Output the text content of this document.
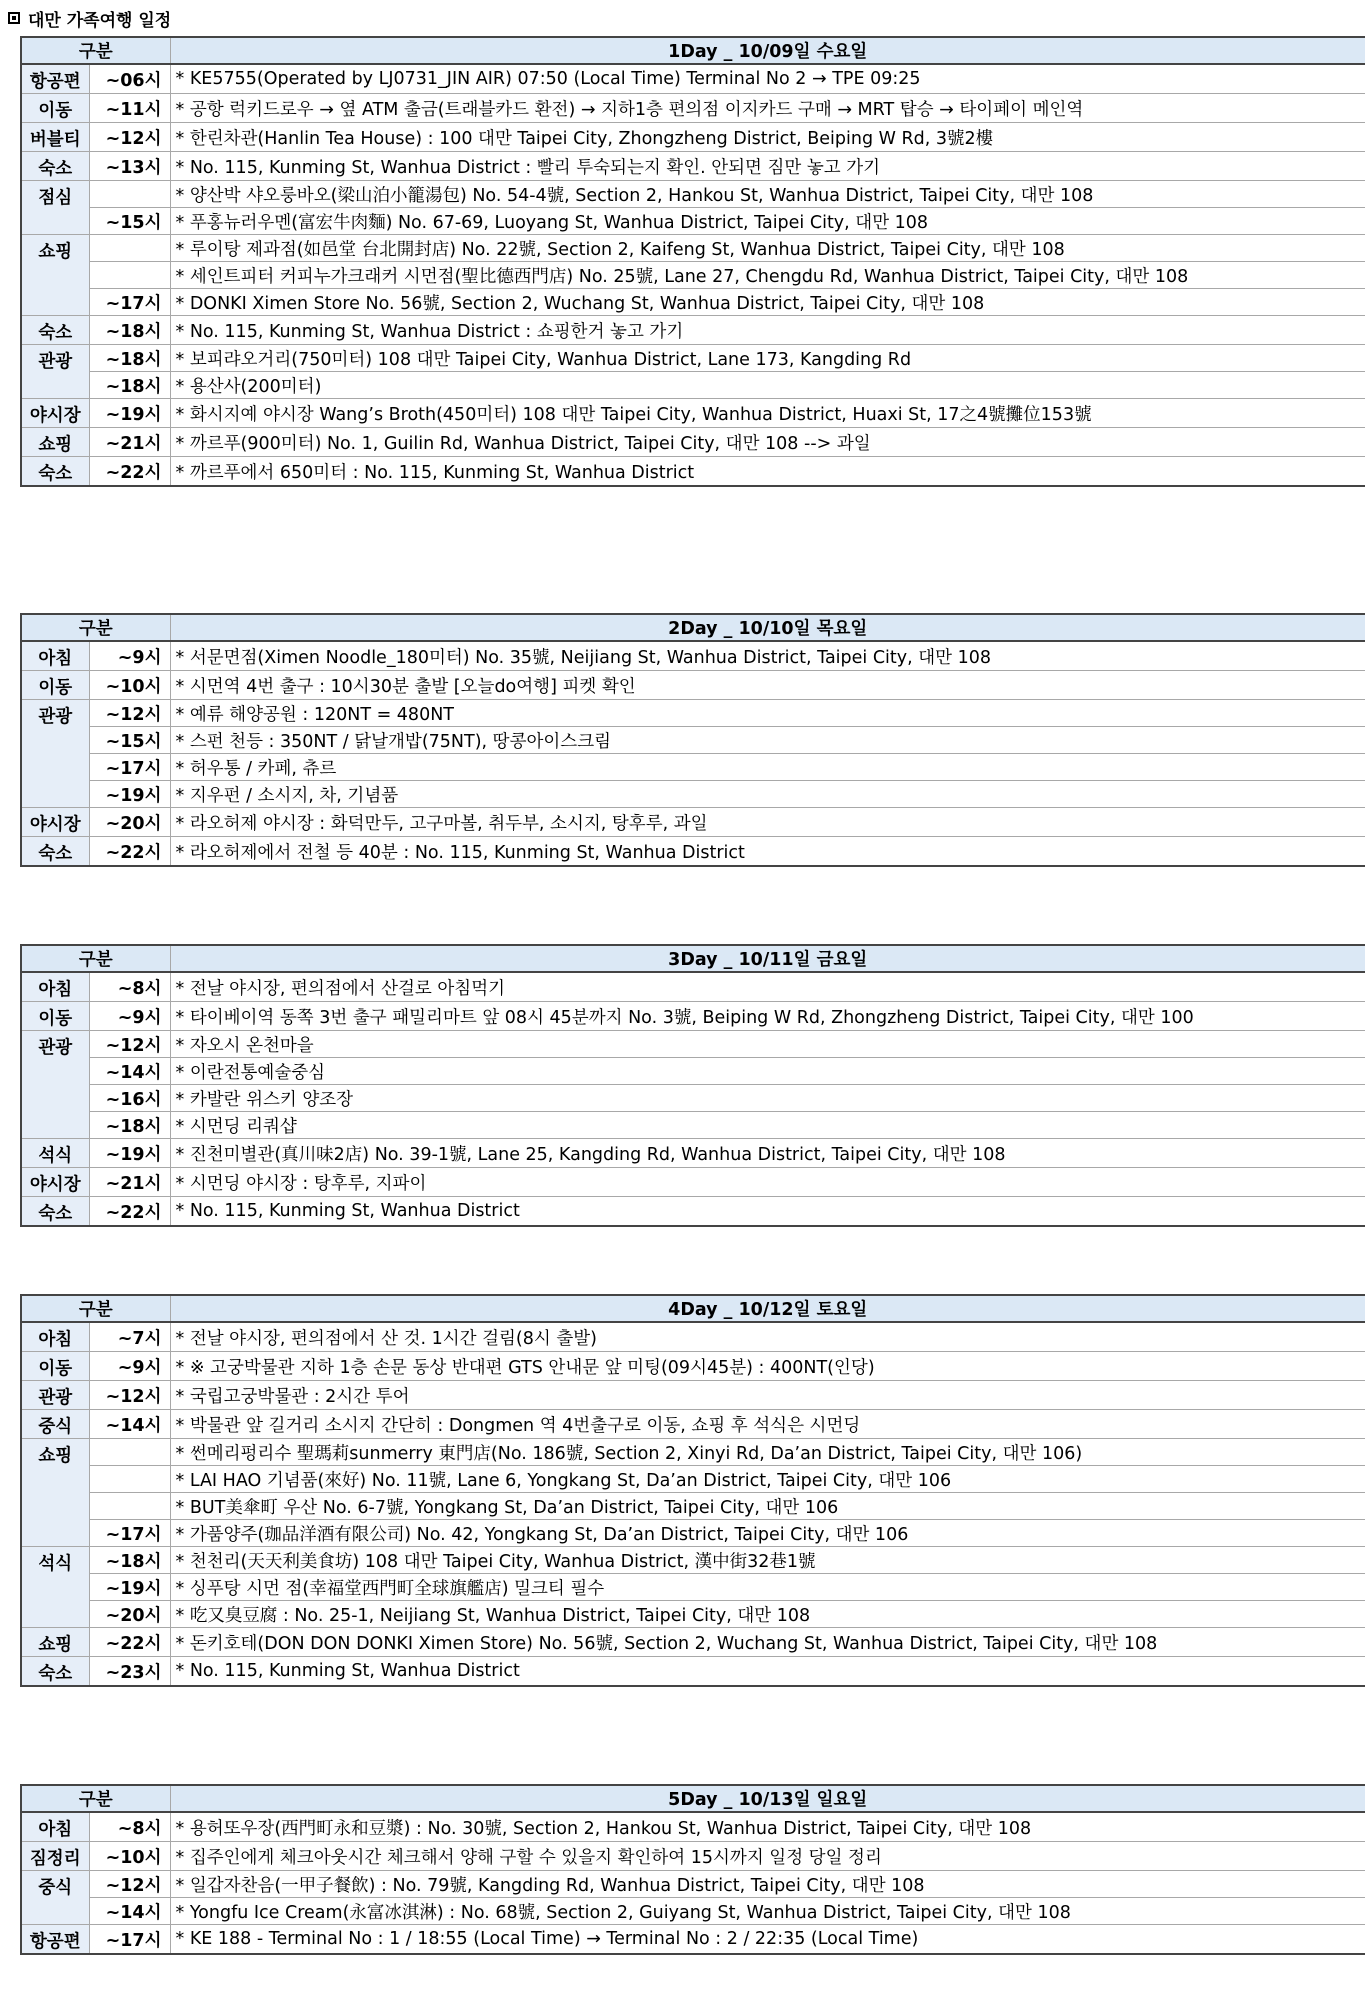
대만 가족여행 일정
구분		1Day _ 10/09일 수요일
항공편	~06시	* KE5755(Operated by LJ0731_JIN AIR) 07:50 (Local Time) Terminal No 2 → TPE 09:25
이동	~11시	* 공항 럭키드로우 → 옆 ATM 출금(트래블카드 환전) → 지하1층 편의점 이지카드 구매 → MRT 탑승 → 타이페이 메인역
버블티	~12시	* 한린차관(Hanlin Tea House) : 100 대만 Taipei City, Zhongzheng District, Beiping W Rd, 3號2樓
숙소	~13시	* No. 115, Kunming St, Wanhua District : 빨리 투숙되는지 확인. 안되면 짐만 놓고 가기
점심		* 양산박 샤오룽바오(梁山泊小籠湯包) No. 54-4號, Section 2, Hankou St, Wanhua District, Taipei City, 대만 108
	~15시	* 푸홍뉴러우멘(富宏牛肉麵) No. 67-69, Luoyang St, Wanhua District, Taipei City, 대만 108
쇼핑		* 루이탕 제과점(如邑堂 台北開封店) No. 22號, Section 2, Kaifeng St, Wanhua District, Taipei City, 대만 108
		* 세인트피터 커피누가크래커 시먼점(聖比德西門店) No. 25號, Lane 27, Chengdu Rd, Wanhua District, Taipei City, 대만 108
	~17시	* DONKI Ximen Store No. 56號, Section 2, Wuchang St, Wanhua District, Taipei City, 대만 108
숙소	~18시	* No. 115, Kunming St, Wanhua District : 쇼핑한거 놓고 가기
관광	~18시	* 보피랴오거리(750미터) 108 대만 Taipei City, Wanhua District, Lane 173, Kangding Rd
	~18시	* 용산사(200미터)
야시장	~19시	* 화시지예 야시장 Wang’s Broth(450미터) 108 대만 Taipei City, Wanhua District, Huaxi St, 17之4號攤位153號
쇼핑	~21시	* 까르푸(900미터) No. 1, Guilin Rd, Wanhua District, Taipei City, 대만 108 --> 과일
숙소	~22시	* 까르푸에서 650미터 : No. 115, Kunming St, Wanhua District
구분		2Day _ 10/10일 목요일
아침	~9시	* 서문면점(Ximen Noodle_180미터) No. 35號, Neijiang St, Wanhua District, Taipei City, 대만 108
이동	~10시	* 시먼역 4번 출구 : 10시30분 출발 [오늘do여행] 피켓 확인
관광	~12시	* 예류 해양공원 : 120NT = 480NT
	~15시	* 스펀 천등 : 350NT / 닭날개밥(75NT), 땅콩아이스크림
	~17시	* 허우통 / 카페, 츄르
	~19시	* 지우펀 / 소시지, 차, 기념품
야시장	~20시	* 라오허제 야시장 : 화덕만두, 고구마볼, 취두부, 소시지, 탕후루, 과일
숙소	~22시	* 라오허제에서 전철 등 40분 : No. 115, Kunming St, Wanhua District
구분		3Day _ 10/11일 금요일
아침	~8시	* 전날 야시장, 편의점에서 산걸로 아침먹기
이동	~9시	* 타이베이역 동쪽 3번 출구 패밀리마트 앞 08시 45분까지 No. 3號, Beiping W Rd, Zhongzheng District, Taipei City, 대만 100
관광	~12시	* 자오시 온천마을
	~14시	* 이란전통예술중심
	~16시	* 카발란 위스키 양조장
	~18시	* 시먼딩 리쿼샵
석식	~19시	* 진천미별관(真川味2店) No. 39-1號, Lane 25, Kangding Rd, Wanhua District, Taipei City, 대만 108
야시장	~21시	* 시먼딩 야시장 : 탕후루, 지파이
숙소	~22시	* No. 115, Kunming St, Wanhua District
구분		4Day _ 10/12일 토요일
아침	~7시	* 전날 야시장, 편의점에서 산 것. 1시간 걸림(8시 출발)
이동	~9시	* ※ 고궁박물관 지하 1층 손문 동상 반대편 GTS 안내문 앞 미팅(09시45분) : 400NT(인당)
관광	~12시	* 국립고궁박물관 : 2시간 투어
중식	~14시	* 박물관 앞 길거리 소시지 간단히 : Dongmen 역 4번출구로 이동, 쇼핑 후 석식은 시먼딩
쇼핑		* 썬메리펑리수 聖瑪莉sunmerry 東門店(No. 186號, Section 2, Xinyi Rd, Da’an District, Taipei City, 대만 106)
		* LAI HAO 기념품(來好) No. 11號, Lane 6, Yongkang St, Da’an District, Taipei City, 대만 106
		* BUT美傘町 우산 No. 6-7號, Yongkang St, Da’an District, Taipei City, 대만 106
	~17시	* 가품양주(珈品洋酒有限公司) No. 42, Yongkang St, Da’an District, Taipei City, 대만 106
석식	~18시	* 천천리(天天利美食坊) 108 대만 Taipei City, Wanhua District, 漢中街32巷1號
	~19시	* 싱푸탕 시먼 점(幸福堂西門町全球旗艦店) 밀크티 필수
	~20시	* 吃又臭豆腐 : No. 25-1, Neijiang St, Wanhua District, Taipei City, 대만 108
쇼핑	~22시	* 돈키호테(DON DON DONKI Ximen Store) No. 56號, Section 2, Wuchang St, Wanhua District, Taipei City, 대만 108
숙소	~23시	* No. 115, Kunming St, Wanhua District
구분		5Day _ 10/13일 일요일
아침	~8시	* 용허또우장(西門町永和豆漿) : No. 30號, Section 2, Hankou St, Wanhua District, Taipei City, 대만 108
짐정리	~10시	* 집주인에게 체크아웃시간 체크해서 양해 구할 수 있을지 확인하여 15시까지 일정 당일 정리
중식	~12시	* 일갑자찬음(一甲子餐飲) : No. 79號, Kangding Rd, Wanhua District, Taipei City, 대만 108
	~14시	* Yongfu Ice Cream(永富冰淇淋) : No. 68號, Section 2, Guiyang St, Wanhua District, Taipei City, 대만 108
항공편	~17시	* KE 188 - Terminal No : 1 / 18:55 (Local Time) → Terminal No : 2 / 22:35 (Local Time)
